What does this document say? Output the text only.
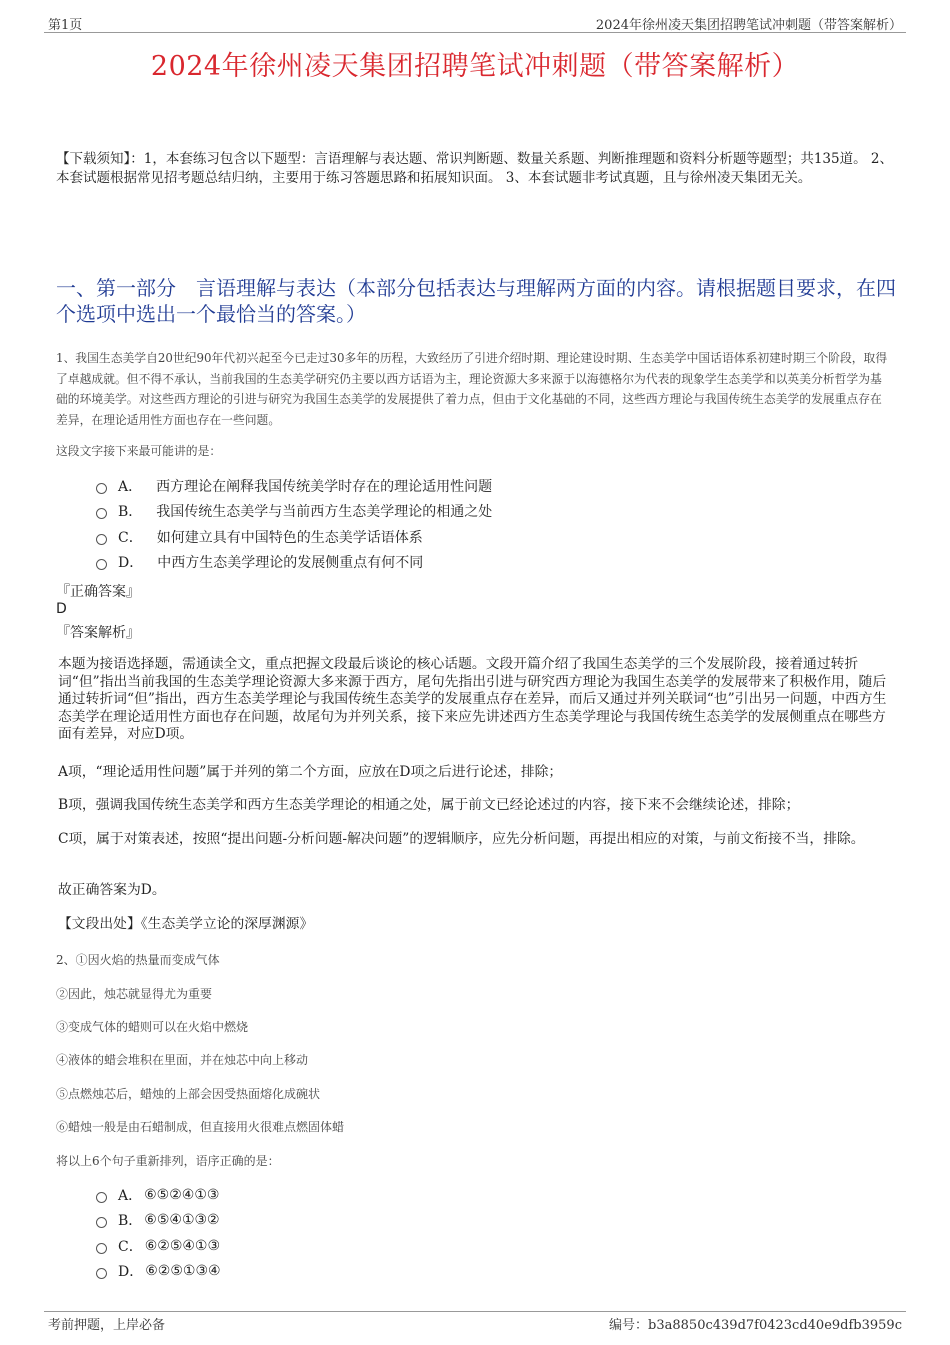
第1页	2024年徐州凌天集团招聘笔试冲刺题（带答案解析）
2024年徐州凌天集团招聘笔试冲刺题（带答案解析）
【下载须知】：1，本套练习包含以下题型：言语理解与表达题、常识判断题、数量关系题、判断推理题和资料分析题等题型；共135道。 2、本套试题根据常见招考题总结归纳，主要用于练习答题思路和拓展知识面。 3、本套试题非考试真题，且与徐州凌天集团无关。
一、第一部分　言语理解与表达（本部分包括表达与理解两方面的内容。请根据题目要求，在四个选项中选出一个最恰当的答案。）
1、我国生态美学自20世纪90年代初兴起至今已走过30多年的历程，大致经历了引进介绍时期、理论建设时期、生态美学中国话语体系初建时期三个阶段，取得了卓越成就。但不得不承认，当前我国的生态美学研究仍主要以西方话语为主，理论资源大多来源于以海德格尔为代表的现象学生态美学和以英美分析哲学为基础的环境美学。对这些西方理论的引进与研究为我国生态美学的发展提供了着力点，但由于文化基础的不同，这些西方理论与我国传统生态美学的发展重点存在差异，在理论适用性方面也存在一些问题。
这段文字接下来最可能讲的是：
A． 西方理论在阐释我国传统美学时存在的理论适用性问题
B． 我国传统生态美学与当前西方生态美学理论的相通之处
C． 如何建立具有中国特色的生态美学话语体系
D． 中西方生态美学理论的发展侧重点有何不同
『正确答案』
D
『答案解析』
本题为接语选择题，需通读全文，重点把握文段最后谈论的核心话题。文段开篇介绍了我国生态美学的三个发展阶段，接着通过转折词“但”指出当前我国的生态美学理论资源大多来源于西方，尾句先指出引进与研究西方理论为我国生态美学的发展带来了积极作用，随后通过转折词“但”指出，西方生态美学理论与我国传统生态美学的发展重点存在差异，而后又通过并列关联词“也”引出另一问题，中西方生态美学在理论适用性方面也存在问题，故尾句为并列关系，接下来应先讲述西方生态美学理论与我国传统生态美学的发展侧重点在哪些方面有差异，对应D项。
A项，“理论适用性问题”属于并列的第二个方面，应放在D项之后进行论述，排除；
B项，强调我国传统生态美学和西方生态美学理论的相通之处，属于前文已经论述过的内容，接下来不会继续论述，排除；
C项，属于对策表述，按照“提出问题-分析问题-解决问题”的逻辑顺序，应先分析问题，再提出相应的对策，与前文衔接不当，排除。
故正确答案为D。
【文段出处】《生态美学立论的深厚渊源》
2、①因火焰的热量而变成气体
②因此，烛芯就显得尤为重要
③变成气体的蜡则可以在火焰中燃烧
④液体的蜡会堆积在里面，并在烛芯中向上移动
⑤点燃烛芯后，蜡烛的上部会因受热面熔化成碗状
⑥蜡烛一般是由石蜡制成，但直接用火很难点燃固体蜡
将以上6个句子重新排列，语序正确的是：
A． ⑥⑤②④①③
B． ⑥⑤④①③②
C． ⑥②⑤④①③
D． ⑥②⑤①③④
考前押题，上岸必备	编号：b3a8850c439d7f0423cd40e9dfb3959c
